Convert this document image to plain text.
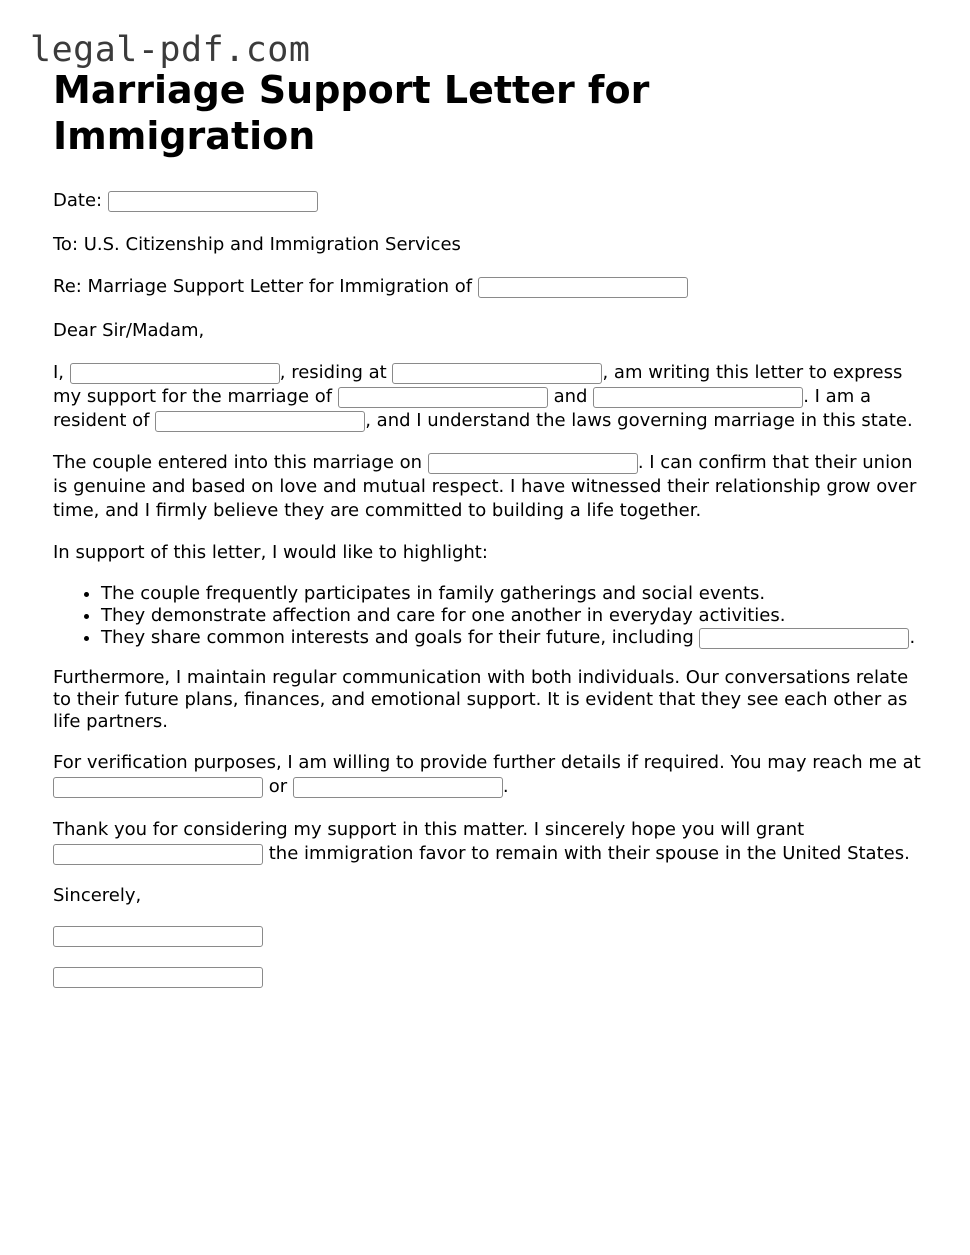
legal-pdf.com
Marriage Support Letter for Immigration

Date:

To: U.S. Citizenship and Immigration Services

Re: Marriage Support Letter for Immigration of

Dear Sir/Madam,

I,	, residing at	, am writing this letter to express my support for the marriage of	and	. I am a resident of	, and I understand the laws governing marriage in this state.

The couple entered into this marriage on	. I can confirm that their union is genuine and based on love and mutual respect. I have witnessed their relationship grow over time, and I firmly believe they are committed to building a life together.

In support of this letter, I would like to highlight:

• The couple frequently participates in family gatherings and social events.
• They demonstrate affection and care for one another in everyday activities.
• They share common interests and goals for their future, including	.

Furthermore, I maintain regular communication with both individuals. Our conversations relate to their future plans, finances, and emotional support. It is evident that they see each other as life partners.

For verification purposes, I am willing to provide further details if required. You may reach me at  or	.

Thank you for considering my support in this matter. I sincerely hope you will grant  the immigration favor to remain with their spouse in the United States.

Sincerely,
